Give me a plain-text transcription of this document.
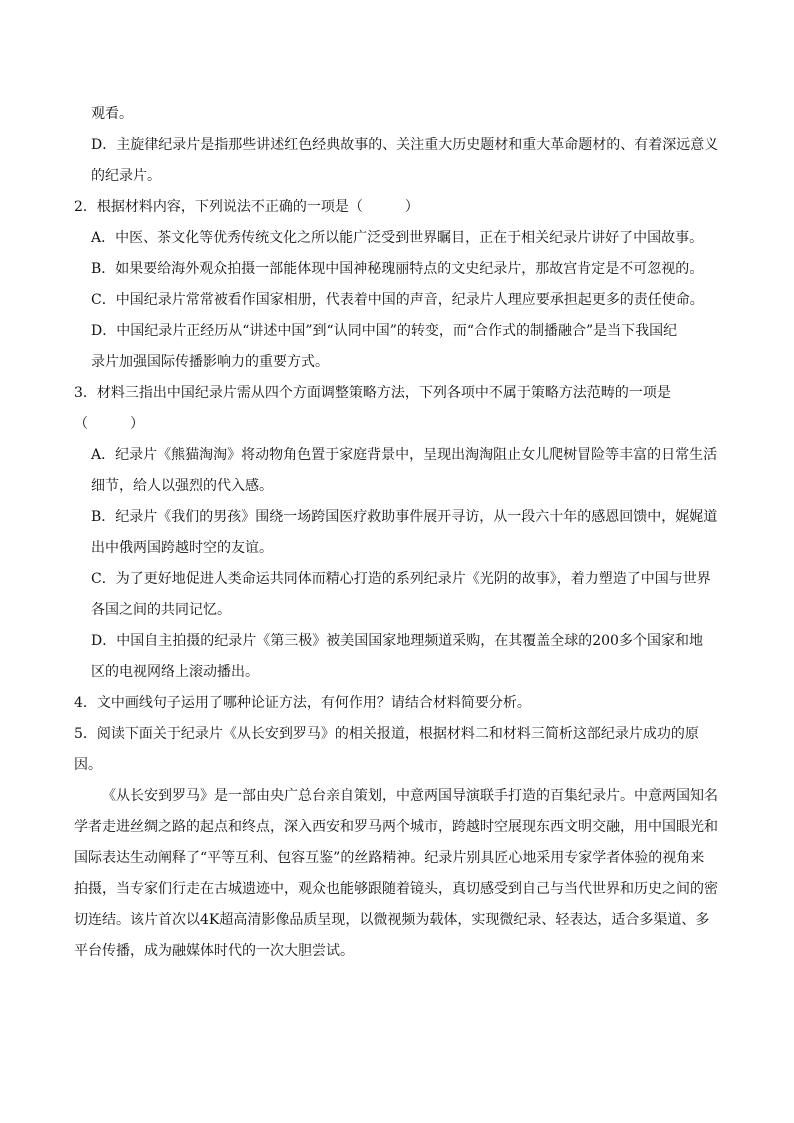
观看。
D．主旋律纪录片是指那些讲述红色经典故事的、关注重大历史题材和重大革命题材的、有着深远意义
的纪录片。
2．根据材料内容，下列说法不正确的一项是（　　　）
A．中医、茶文化等优秀传统文化之所以能广泛受到世界瞩目，正在于相关纪录片讲好了中国故事。
B．如果要给海外观众拍摄一部能体现中国神秘瑰丽特点的文史纪录片，那故宫肯定是不可忽视的。
C．中国纪录片常常被看作国家相册，代表着中国的声音，纪录片人理应要承担起更多的责任使命。
D．中国纪录片正经历从“讲述中国”到“认同中国”的转变，而“合作式的制播融合”是当下我国纪
录片加强国际传播影响力的重要方式。
3．材料三指出中国纪录片需从四个方面调整策略方法，下列各项中不属于策略方法范畴的一项是
（　　　）
A．纪录片《熊猫淘淘》将动物角色置于家庭背景中，呈现出淘淘阻止女儿爬树冒险等丰富的日常生活
细节，给人以强烈的代入感。
B．纪录片《我们的男孩》围绕一场跨国医疗救助事件展开寻访，从一段六十年的感恩回馈中，娓娓道
出中俄两国跨越时空的友谊。
C．为了更好地促进人类命运共同体而精心打造的系列纪录片《光阴的故事》，着力塑造了中国与世界
各国之间的共同记忆。
D．中国自主拍摄的纪录片《第三极》被美国国家地理频道采购，在其覆盖全球的200多个国家和地
区的电视网络上滚动播出。
4．文中画线句子运用了哪种论证方法，有何作用？请结合材料简要分析。
5．阅读下面关于纪录片《从长安到罗马》的相关报道，根据材料二和材料三简析这部纪录片成功的原
因。
《从长安到罗马》是一部由央广总台亲自策划，中意两国导演联手打造的百集纪录片。中意两国知名
学者走进丝绸之路的起点和终点，深入西安和罗马两个城市，跨越时空展现东西文明交融，用中国眼光和
国际表达生动阐释了“平等互利、包容互鉴”的丝路精神。纪录片别具匠心地采用专家学者体验的视角来
拍摄，当专家们行走在古城遗迹中，观众也能够跟随着镜头，真切感受到自己与当代世界和历史之间的密
切连结。该片首次以4K超高清影像品质呈现，以微视频为载体，实现微纪录、轻表达，适合多渠道、多
平台传播，成为融媒体时代的一次大胆尝试。
